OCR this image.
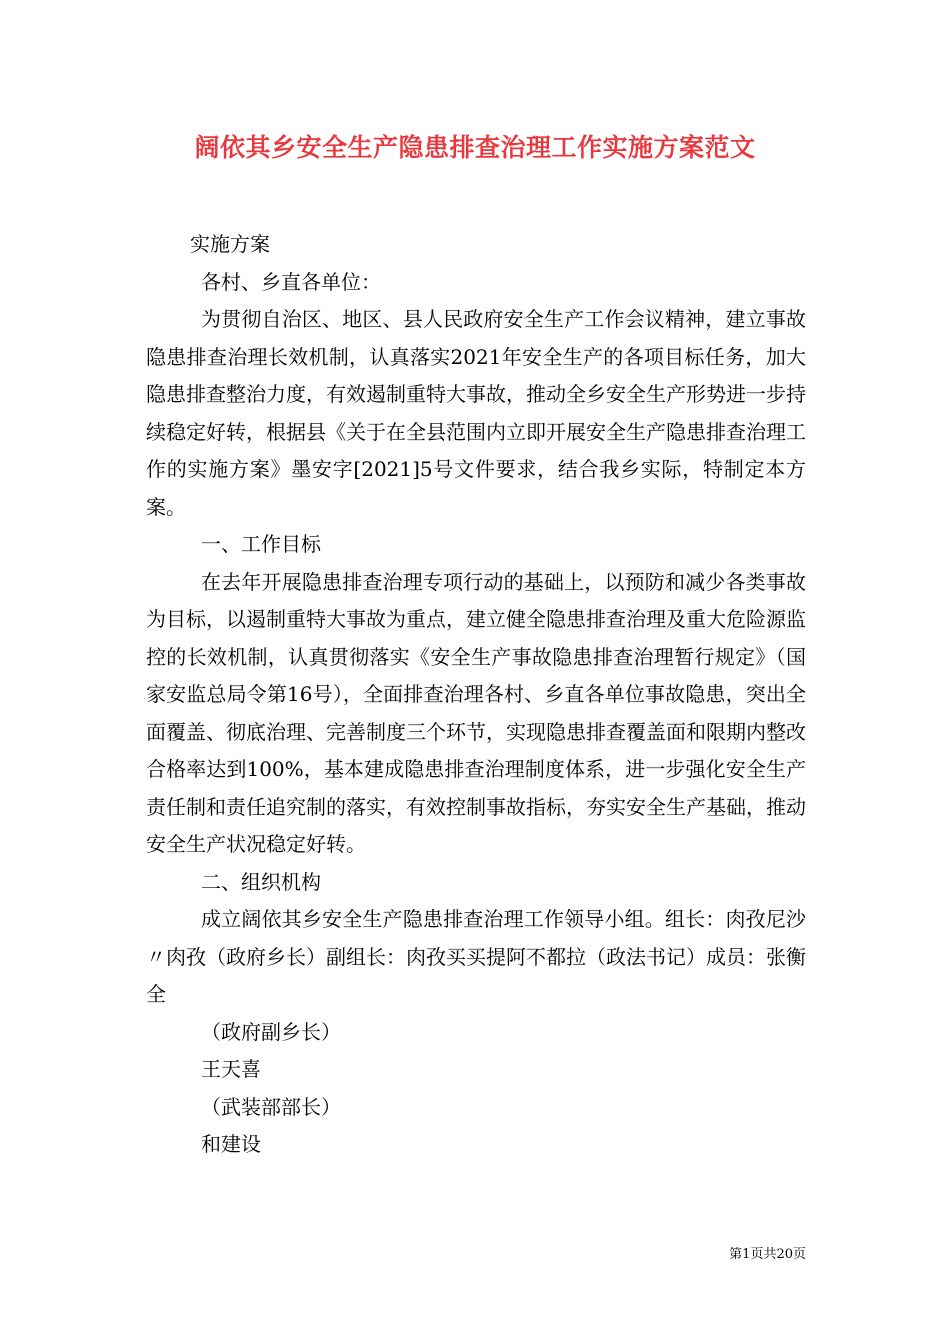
阔依其乡安全生产隐患排查治理工作实施方案范文

实施方案

各村、乡直各单位：

为贯彻自治区、地区、县人民政府安全生产工作会议精神，建立事故隐患排查治理长效机制，认真落实2021年安全生产的各项目标任务，加大隐患排查整治力度，有效遏制重特大事故，推动全乡安全生产形势进一步持续稳定好转，根据县《关于在全县范围内立即开展安全生产隐患排查治理工作的实施方案》墨安字[2021]5号文件要求，结合我乡实际，特制定本方案。

一、工作目标

在去年开展隐患排查治理专项行动的基础上，以预防和减少各类事故为目标，以遏制重特大事故为重点，建立健全隐患排查治理及重大危险源监控的长效机制，认真贯彻落实《安全生产事故隐患排查治理暂行规定》（国家安监总局令第16号），全面排查治理各村、乡直各单位事故隐患，突出全面覆盖、彻底治理、完善制度三个环节，实现隐患排查覆盖面和限期内整改合格率达到100%，基本建成隐患排查治理制度体系，进一步强化安全生产责任制和责任追究制的落实，有效控制事故指标，夯实安全生产基础，推动安全生产状况稳定好转。

二、组织机构

成立阔依其乡安全生产隐患排查治理工作领导小组。组长：肉孜尼沙〃肉孜（政府乡长）副组长：肉孜买买提阿不都拉（政法书记）成员：张衡全

（政府副乡长）

王天喜

（武装部部长）

和建设

第1页共20页
